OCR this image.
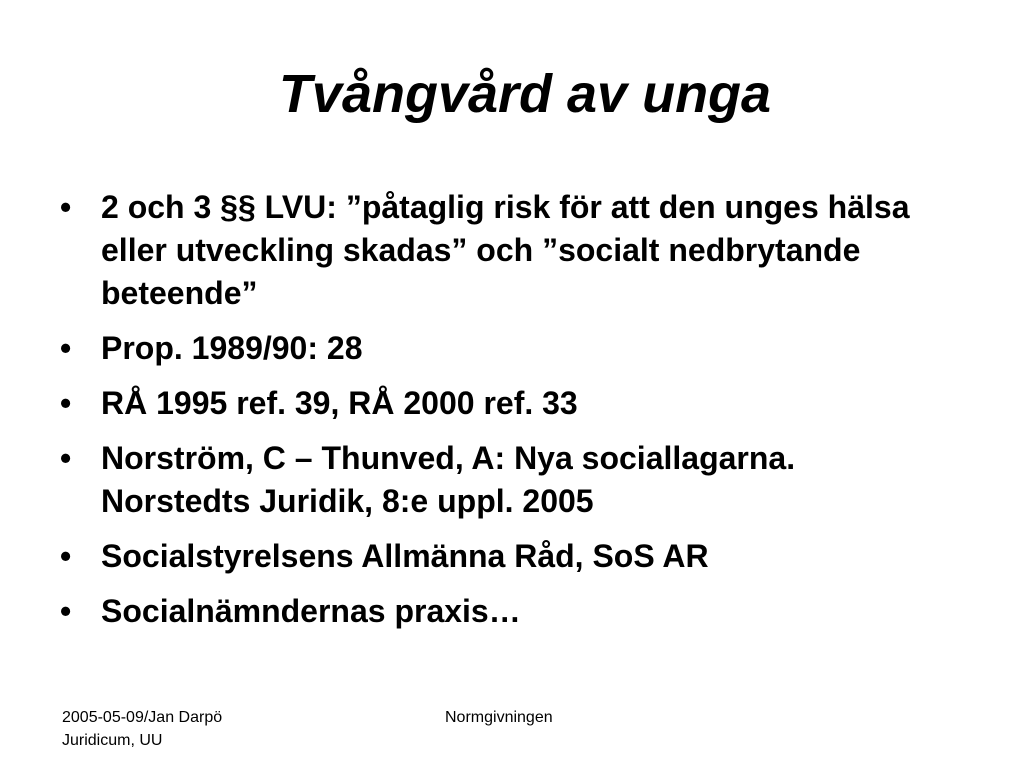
Tvångvård av unga
• 2 och 3 §§ LVU: ”påtaglig risk för att den unges hälsa eller utveckling skadas” och ”socialt nedbrytande beteende”
• Prop. 1989/90: 28
• RÅ 1995 ref. 39, RÅ 2000 ref. 33
• Norström, C – Thunved, A: Nya sociallagarna. Norstedts Juridik, 8:e uppl. 2005
• Socialstyrelsens Allmänna Råd, SoS AR
• Socialnämndernas praxis…
2005-05-09/Jan Darpö
Juridicum, UU
Normgivningen
